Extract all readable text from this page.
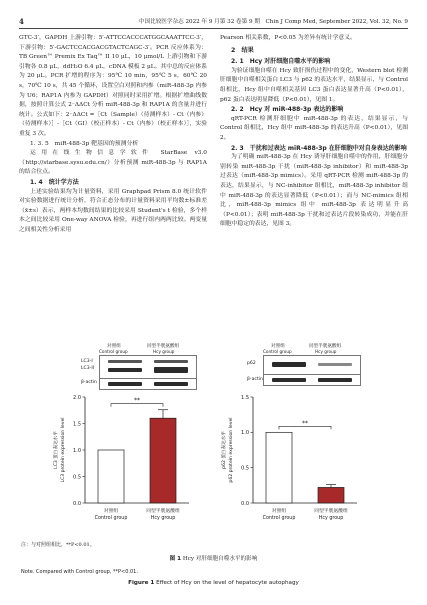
4	中国比较医学杂志 2022 年 9 月第 32 卷第 9 期　Chin J Comp Med, September 2022, Vol. 32, No. 9

GTC-3′，GAPDH 上游引物：5′-ATTCCACCCATGGCAAATTCC-3′，下游引物：5′-GACTCCACGACGTACTCAGC-3′。PCR 反应体系为：TB Green™ Premix Ex Taq™ II 10 μL，10 μmol/L 上游引物和下游引物各 0.8 μL，ddH₂O 6.4 μL，cDNA 模板 2 μL。其中总的反应体系为 20 μL。PCR 扩增的程序为：95℃ 10 min，95℃ 5 s，60℃ 20 s，70℃ 10 s，共 45 个循环，设置空白对照和内参（miR-488-3p 内参为 U6；RAP1A 内参为 GAPDH）对照同时采用扩增。根据扩增曲线数据，按照计算公式 2⁻ΔΔCt 分析 miR-488-3p 和 RAP1A 的含量并进行统计。公式如下：2⁻ΔΔCt =［Ct（Sample）（待测样本）- Ct（内参）（待测样本）］-［Ct（GI）（校正样本）- Ct（内参）（校正样本）］，实验重复 3 次。

1. 3. 5　miR-488-3p 靶基因的预测分析

运用在线生物信息学软件 StarBase v3.0（http://starbase.sysu.edu.cn/）分析预测 miR-488-3p 与 RAP1A 的结合位点。

1. 4　统计学方法

上述实验结果均为计量资料，采用 Graphpad Prism 8.0 统计软件对实验数据进行统计分析，符合正态分布的计量资料采用平均数±标准差（x̄±s）表示，两样本均数间结果的比较采用 Student's t 检验，多个样本之间比较采用 One-way ANOVA 检验，再进行组内两两比较。两变量之间相关性分析采用

Pearson 相关系数，P<0.05 为差异有统计学意义。

2　结果

2. 1　Hcy 对肝细胞自噬水平的影响

为验证细胞自噬在 Hcy 致肝损伤过程中的变化，Western blot 检测肝细胞中自噬相关蛋白 LC3 与 p62 的表达水平，结果显示，与 Control 组相比，Hcy 组中自噬相关基因 LC3 蛋白表达显著升高（P<0.01），p62 蛋白表达明显降低（P<0.01），见图 1。

2. 2　Hcy 对 miR-488-3p 表达的影响

qRT-PCR 检测肝细胞中 miR-488-3p 的表达，结果显示，与 Control 组相比，Hcy 组中 miR-488-3p 的表达升高（P<0.01），见图 2。

2. 3　干扰和过表达 miR-488-3p 在肝细胞中对自身表达的影响

为了明确 miR-488-3p 在 Hcy 诱导肝细胞自噬中的作用，肝细胞分别转染 miR-488-3p 干扰（miR-488-3p inhibitor）和 miR-488-3p 过表达（miR-488-3p mimics）。采用 qRT-PCR 检测 miR-488-3p 的表达，结果显示，与 NC-inhibitor 组相比，miR-488-3p inhibitor 组中 miR-488-3p 的表达显著降低（P<0.01）；而与 NC-mimics 组相比，miR-488-3p mimics 组中 miR-488-3p 表达明显升高（P<0.01）；表明 miR-488-3p 干扰和过表达片段转染成功，并能在肝细胞中稳定的表达，见图 3。

对照组	同型半胱氨酸组
Control group	Hcy group
LC3-I
LC3-II
β-actin
对照组	同型半胱氨酸组
Control group	Hcy group
p62
β-actin
0.0
0.5
1.0
1.5
2.0
LC3 蛋白表达水平 LC3 protein expression level
对照组
Control group
同型半胱氨酸组
Hcy group
**
0.0
0.5
1.0
1.5
p62 蛋白表达水平 p62 protein expression level
对照组
Control group
同型半胱氨酸组
Hcy group
**
注：与对照组相比，**P<0.01。
图 1 Hcy 对肝细胞自噬水平的影响
Note. Compared with Control group, **P<0.01.
Figure 1 Effect of Hcy on the level of hepatocyte autophagy
